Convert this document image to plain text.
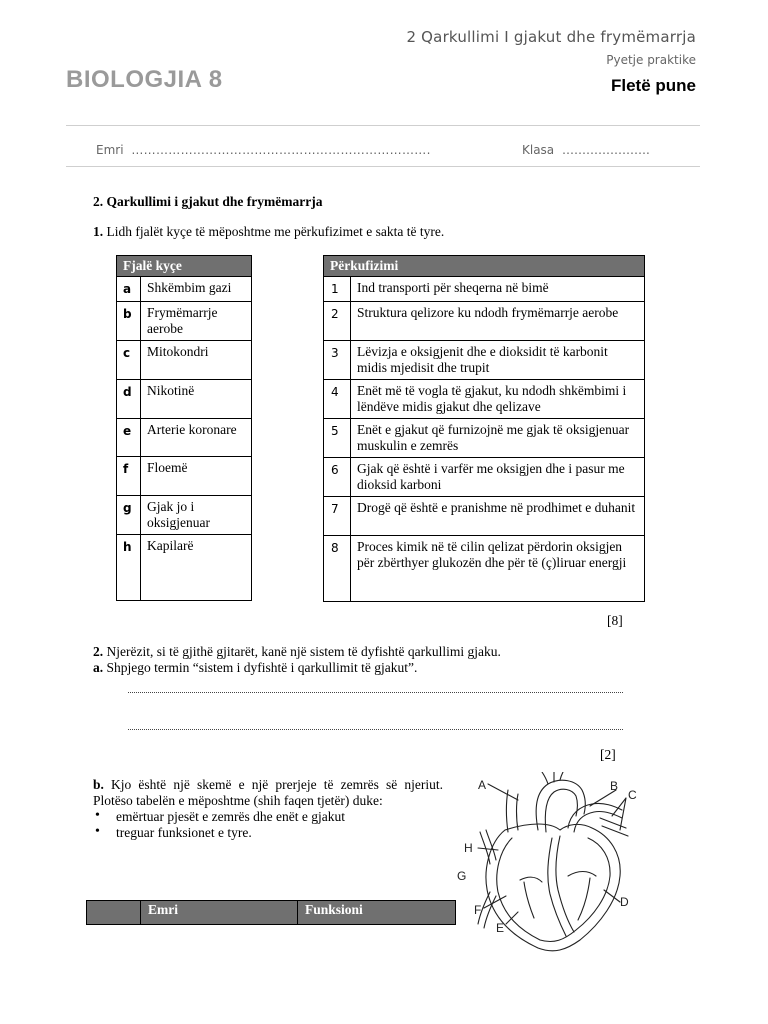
2 Qarkullimi I gjakut dhe frymëmarrja
Pyetje praktike
BIOLOGJIA 8	Fletë pune
Emri ……………………………………………………………….	Klasa ………………….
2. Qarkullimi i gjakut dhe frymëmarrja
1. Lidh fjalët kyçe të mëposhtme me përkufizimet e sakta të tyre.
Fjalë kyçe	
a	Shkëmbim gazi
b	Frymëmarrje aerobe
c	Mitokondri
d	Nikotinë
e	Arterie koronare
f	Floemë
g	Gjak jo i oksigjenuar
h	Kapilarë
Përkufizimi	
1	Ind transporti për sheqerna në bimë
2	Struktura qelizore ku ndodh frymëmarrje aerobe
3	Lëvizja e oksigjenit dhe e dioksidit të karbonit midis mjedisit dhe trupit
4	Enët më të vogla të gjakut, ku ndodh shkëmbimi i lëndëve midis gjakut dhe qelizave
5	Enët e gjakut që furnizojnë me gjak të oksigjenuar muskulin e zemrës
6	Gjak që është i varfër me oksigjen dhe i pasur me dioksid karboni
7	Drogë që është e pranishme në prodhimet e duhanit
8	Proces kimik në të cilin qelizat përdorin oksigjen për zbërthyer glukozën dhe për të (ç)liruar energji
[8]
2. Njerëzit, si të gjithë gjitarët, kanë një sistem të dyfishtë qarkullimi gjaku.
a. Shpjego termin “sistem i dyfishtë i qarkullimit të gjakut”.
[2]
b. Kjo është një skemë e një prerjeje të zemrës së njeriut. Plotëso tabelën e mëposhtme (shih faqen tjetër) duke:
• emërtuar pjesët e zemrës dhe enët e gjakut
• treguar funksionet e tyre.
	Emri	Funksioni
A	B
C
D
E
F
G
H
